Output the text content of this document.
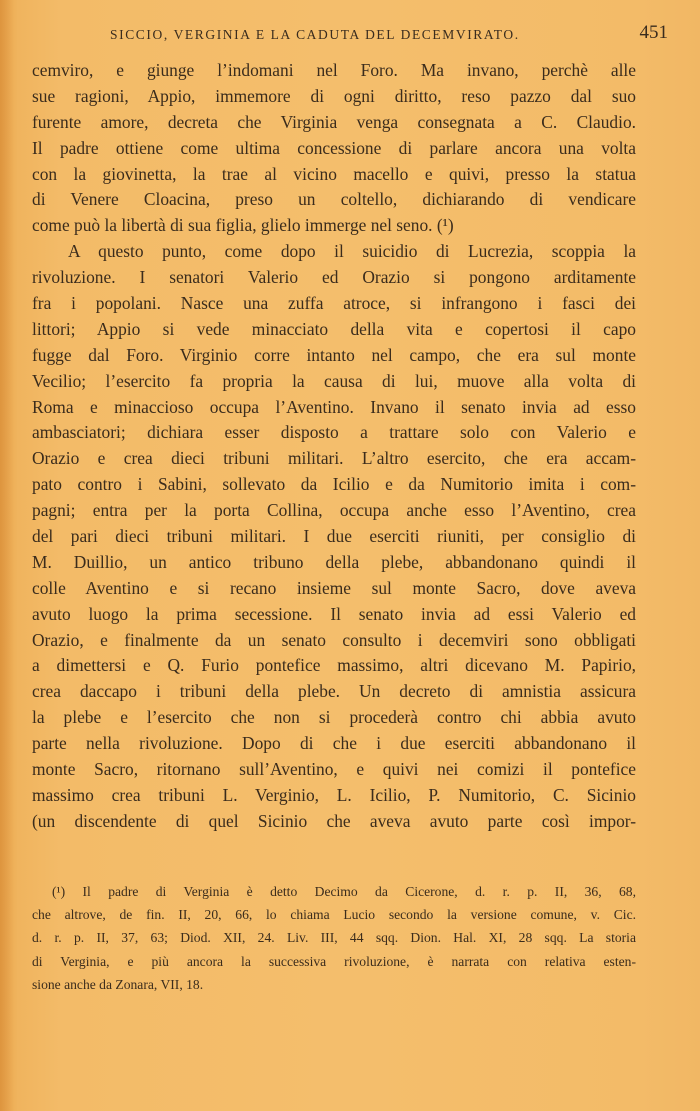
SICCIO, VERGINIA E LA CADUTA DEL DECEMVIRATO.	451
cemviro, e giunge l’indomani nel Foro. Ma invano, perchè alle
sue ragioni, Appio, immemore di ogni diritto, reso pazzo dal suo
furente amore, decreta che Virginia venga consegnata a C. Claudio.
Il padre ottiene come ultima concessione di parlare ancora una volta
con la giovinetta, la trae al vicino macello e quivi, presso la statua
di Venere Cloacina, preso un coltello, dichiarando di vendicare
come può la libertà di sua figlia, glielo immerge nel seno. (¹)
A questo punto, come dopo il suicidio di Lucrezia, scoppia la
rivoluzione. I senatori Valerio ed Orazio si pongono arditamente
fra i popolani. Nasce una zuffa atroce, si infrangono i fasci dei
littori; Appio si vede minacciato della vita e copertosi il capo
fugge dal Foro. Virginio corre intanto nel campo, che era sul monte
Vecilio; l’esercito fa propria la causa di lui, muove alla volta di
Roma e minaccioso occupa l’Aventino. Invano il senato invia ad esso
ambasciatori; dichiara esser disposto a trattare solo con Valerio e
Orazio e crea dieci tribuni militari. L’altro esercito, che era accam-
pato contro i Sabini, sollevato da Icilio e da Numitorio imita i com-
pagni; entra per la porta Collina, occupa anche esso l’Aventino, crea
del pari dieci tribuni militari. I due eserciti riuniti, per consiglio di
M. Duillio, un antico tribuno della plebe, abbandonano quindi il
colle Aventino e si recano insieme sul monte Sacro, dove aveva
avuto luogo la prima secessione. Il senato invia ad essi Valerio ed
Orazio, e finalmente da un senato consulto i decemviri sono obbligati
a dimettersi e Q. Furio pontefice massimo, altri dicevano M. Papirio,
crea daccapo i tribuni della plebe. Un decreto di amnistia assicura
la plebe e l’esercito che non si procederà contro chi abbia avuto
parte nella rivoluzione. Dopo di che i due eserciti abbandonano il
monte Sacro, ritornano sull’Aventino, e quivi nei comizi il pontefice
massimo crea tribuni L. Verginio, L. Icilio, P. Numitorio, C. Sicinio
(un discendente di quel Sicinio che aveva avuto parte così impor-
(¹) Il padre di Verginia è detto Decimo da Cicerone, d. r. p. II, 36, 68,
che altrove, de fin. II, 20, 66, lo chiama Lucio secondo la versione comune, v. Cic.
d. r. p. II, 37, 63; Diod. XII, 24. Liv. III, 44 sqq. Dion. Hal. XI, 28 sqq. La storia
di Verginia, e più ancora la successiva rivoluzione, è narrata con relativa esten-
sione anche da Zonara, VII, 18.
